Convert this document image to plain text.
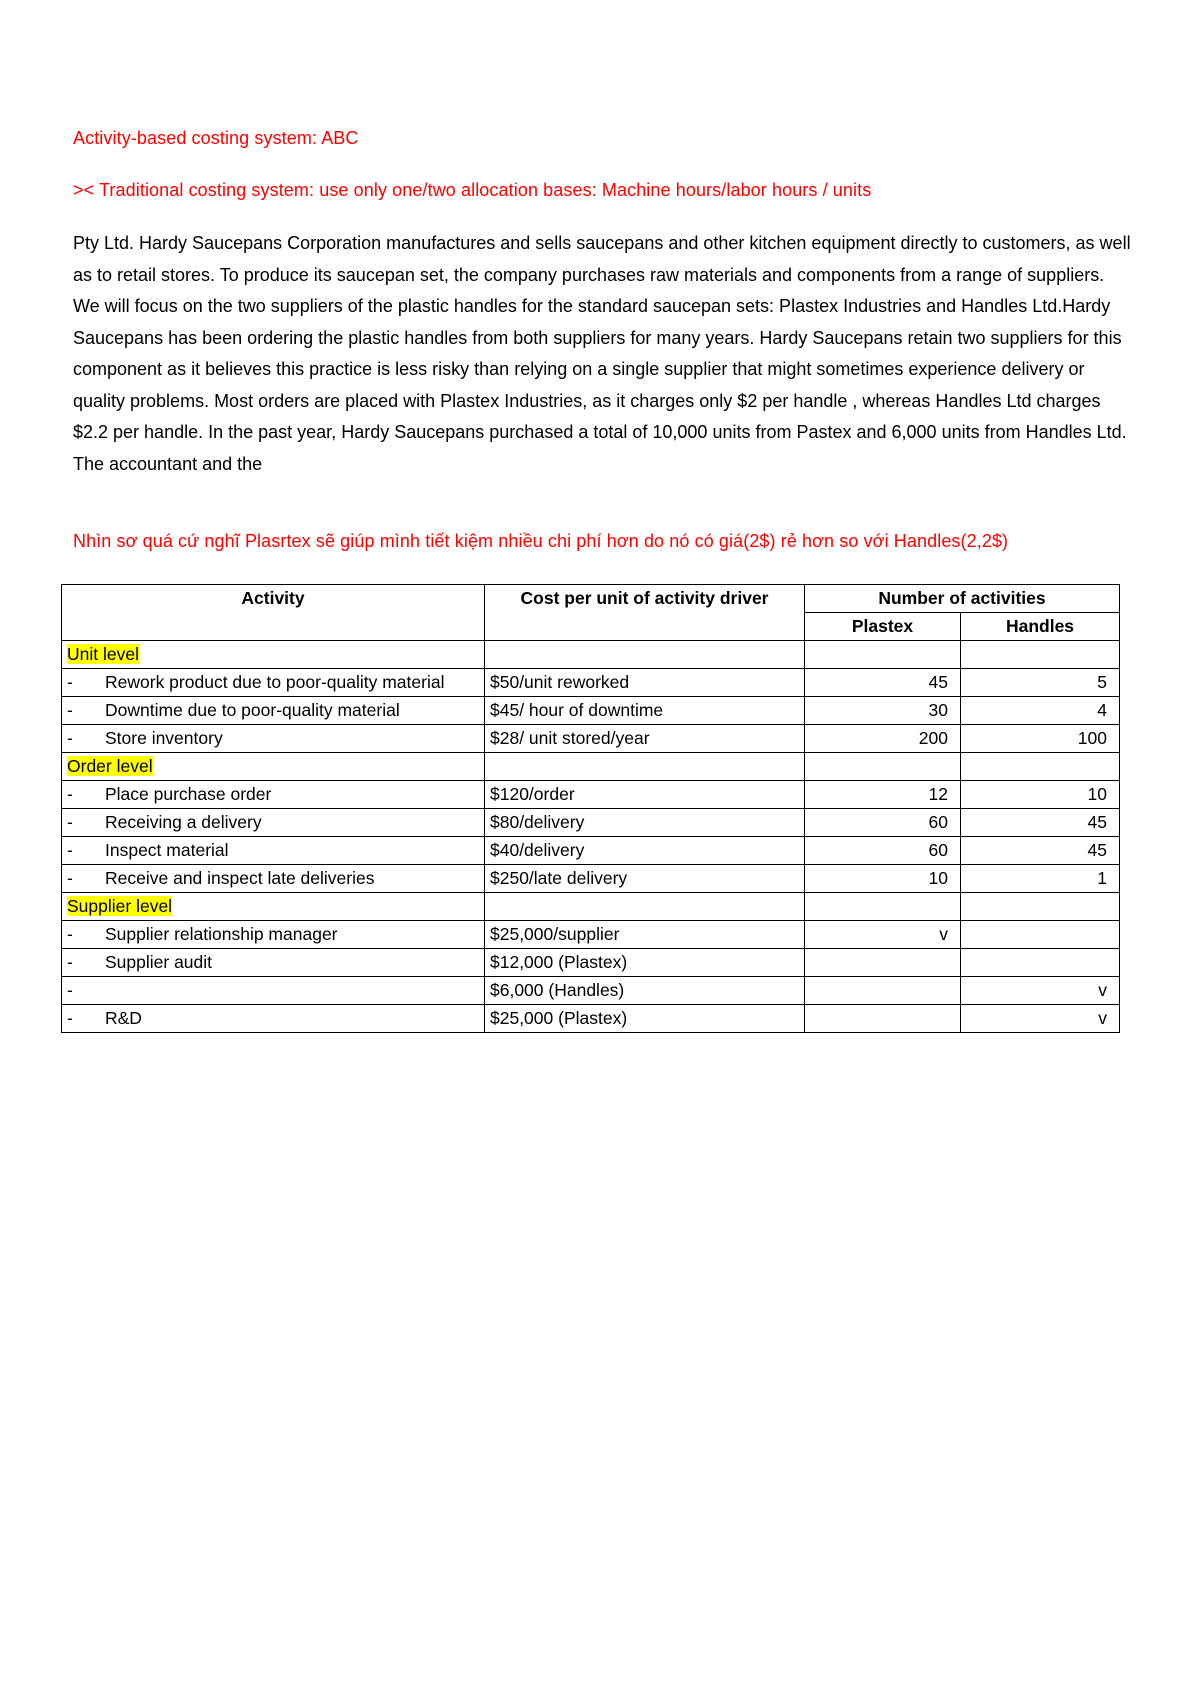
Activity-based costing system: ABC

>< Traditional costing system: use only one/two allocation bases: Machine hours/labor hours / units

Pty Ltd. Hardy Saucepans Corporation manufactures and sells saucepans and other kitchen equipment directly to customers, as well as to retail stores. To produce its saucepan set, the company purchases raw materials and components from a range of suppliers. We will focus on the two suppliers of the plastic handles for the standard saucepan sets: Plastex Industries and Handles Ltd.Hardy Saucepans has been ordering the plastic handles from both suppliers for many years. Hardy Saucepans retain two suppliers for this component as it believes this practice is less risky than relying on a single supplier that might sometimes experience delivery or quality problems. Most orders are placed with Plastex Industries, as it charges only $2 per handle , whereas Handles Ltd charges $2.2 per handle. In the past year, Hardy Saucepans purchased a total of 10,000 units from Pastex and 6,000 units from Handles Ltd. The accountant and the

Nhìn sơ quá cứ nghĩ Plasrtex sẽ giúp mình tiết kiệm nhiều chi phí hơn do nó có giá(2$) rẻ hơn so với Handles(2,2$)

Activity	Cost per unit of activity driver	Number of activities	
		Plastex	Handles
Unit level			

- Rework product due to poor-quality material	$50/unit reworked	45	5

- Downtime due to poor-quality material	$45/ hour of downtime	30	4

- Store inventory	$28/ unit stored/year	200	100
Order level			

- Place purchase order	$120/order	12	10

- Receiving a delivery	$80/delivery	60	45

- Inspect material	$40/delivery	60	45

- Receive and inspect late deliveries	$250/late delivery	10	1
Supplier level			

- Supplier relationship manager	$25,000/supplier	v	

- Supplier audit	$12,000 (Plastex)		

-	$6,000 (Handles)		v

- R&D	$25,000 (Plastex)		v
